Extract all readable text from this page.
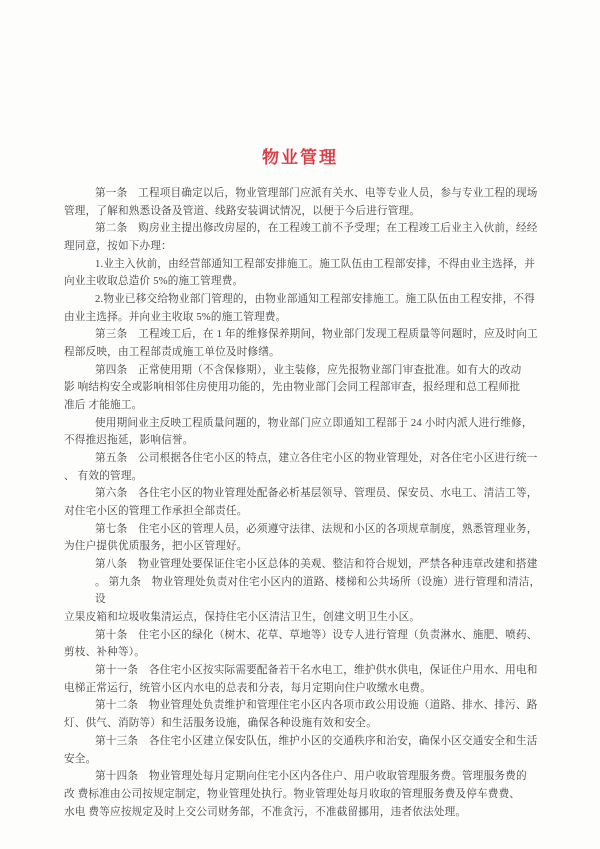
物业管理
第一条　工程项目确定以后，物业管理部门应派有关水、电等专业人员，参与专业工程的现场
管理，了解和熟悉设备及管道、线路安装调试情况，以便于今后进行管理。
第二条　购房业主提出修改房屋的，在工程竣工前不予受理；在工程竣工后业主入伙前，经经
理同意，按如下办理：
1.业主入伙前，由经营部通知工程部安排施工。施工队伍由工程部安排，不得由业主选择，并
向业主收取总造价 5%的施工管理费。
2.物业已移交给物业部门管理的，由物业部通知工程部安排施工。施工队伍由工程安排，不得
由业主选择。并向业主收取 5%的施工管理费。
第三条　工程竣工后，在 1 年的维修保养期间，物业部门发现工程质量等问题时，应及时向工
程部反映，由工程部责成施工单位及时修缮。
第四条　正常使用期（不含保修期），业主装修，应先报物业部门审查批准。如有大的改动
影 响结构安全或影响相邻住房使用功能的，先由物业部门会同工程部审查，报经理和总工程师批
准后 才能施工。
使用期间业主反映工程质量问题的，物业部门应立即通知工程部于 24 小时内派人进行维修，
不得推迟拖延，影响信誉。
第五条　公司根据各住宅小区的特点，建立各住宅小区的物业管理处，对各住宅小区进行统一
、 有效的管理。
第六条　各住宅小区的物业管理处配备必析基层领导、管理员、保安员、水电工、清洁工等，
对住宅小区的管理工作承担全部责任。
第七条　住宅小区的管理人员，必须遵守法律、法规和小区的各项规章制度，熟悉管理业务，
为住户提供优质服务，把小区管理好。
第八条　物业管理处要保证住宅小区总体的美观、整洁和符合规划，严禁各种违章改建和搭建
。 第九条　物业管理处负责对住宅小区内的道路、楼梯和公共场所（设施）进行管理和清洁，
设
立果皮箱和垃圾收集清运点，保持住宅小区清洁卫生，创建文明卫生小区。
第十条　住宅小区的绿化（树木、花草、草地等）设专人进行管理（负责淋水、施肥、喷药、
剪枝、补种等）。
第十一条　各住宅小区按实际需要配备若干名水电工，维护供水供电，保证住户用水、用电和
电梯正常运行，统管小区内水电的总表和分表，每月定期向住户收缴水电费。
第十二条　物业管理处负责维护和管理住宅小区内各项市政公用设施（道路、排水、排污、路
灯、供气、消防等）和生活服务设施，确保各种设施有效和安全。
第十三条　各住宅小区建立保安队伍，维护小区的交通秩序和治安，确保小区交通安全和生活
安全。
第十四条　物业管理处每月定期向住宅小区内各住户、用户收取管理服务费。管理服务费的
改 费标准由公司按规定制定，物业管理处执行。物业管理处每月收取的管理服务费及停车费费、
水电 费等应按规定及时上交公司财务部，不准贪污，不准截留挪用，违者依法处理。
